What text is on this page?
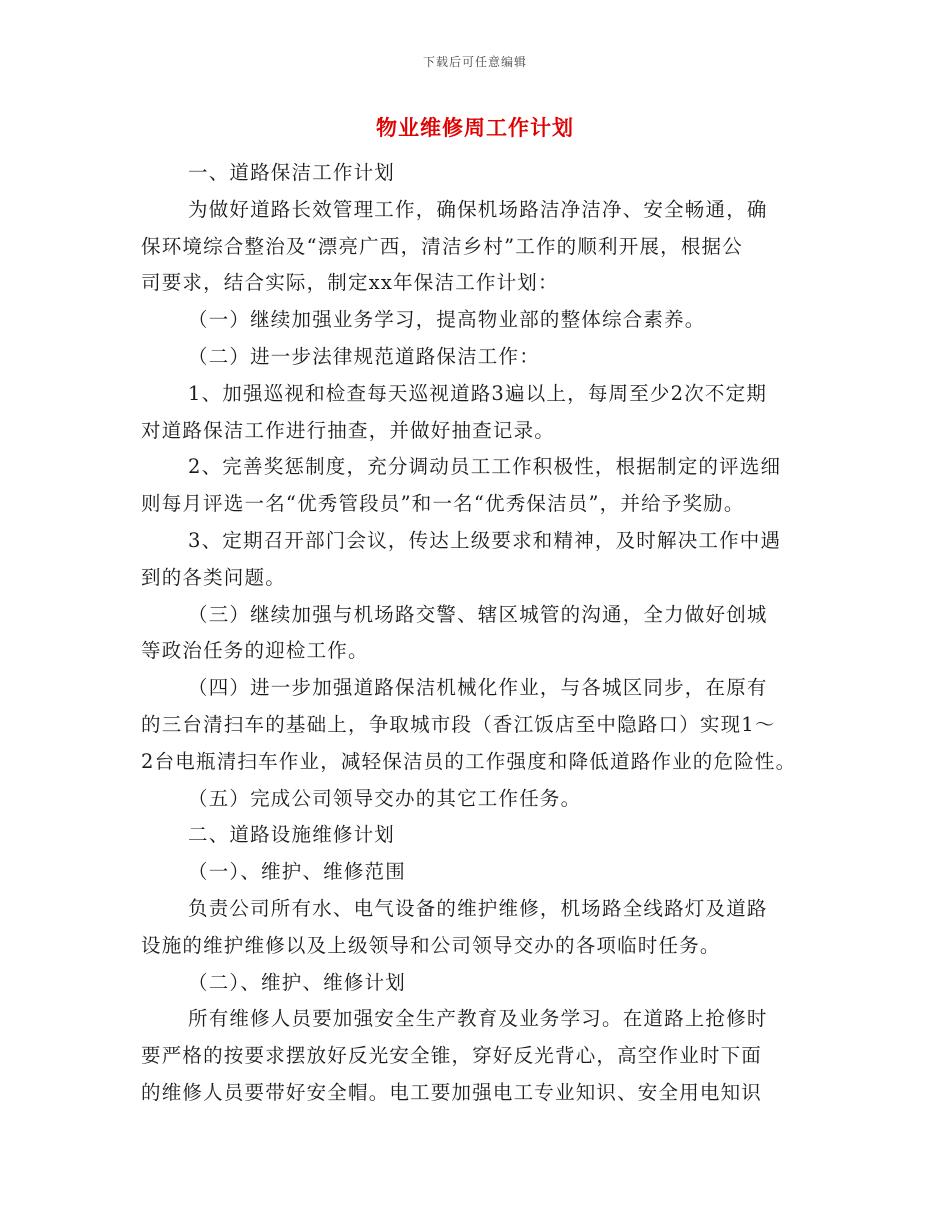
下载后可任意编辑
物业维修周工作计划
一、道路保洁工作计划
为做好道路长效管理工作，确保机场路洁净洁净、安全畅通，确
保环境综合整治及“漂亮广西，清洁乡村”工作的顺利开展，根据公
司要求，结合实际，制定xx年保洁工作计划：
（一）继续加强业务学习，提高物业部的整体综合素养。
（二）进一步法律规范道路保洁工作：
1、加强巡视和检查每天巡视道路3遍以上，每周至少2次不定期
对道路保洁工作进行抽查，并做好抽查记录。
2、完善奖惩制度，充分调动员工工作积极性，根据制定的评选细
则每月评选一名“优秀管段员”和一名“优秀保洁员”，并给予奖励。
3、定期召开部门会议，传达上级要求和精神，及时解决工作中遇
到的各类问题。
（三）继续加强与机场路交警、辖区城管的沟通，全力做好创城
等政治任务的迎检工作。
（四）进一步加强道路保洁机械化作业，与各城区同步，在原有
的三台清扫车的基础上，争取城市段（香江饭店至中隐路口）实现1～
2台电瓶清扫车作业，减轻保洁员的工作强度和降低道路作业的危险性。
（五）完成公司领导交办的其它工作任务。
二、道路设施维修计划
（一）、维护、维修范围
负责公司所有水、电气设备的维护维修，机场路全线路灯及道路
设施的维护维修以及上级领导和公司领导交办的各项临时任务。
（二）、维护、维修计划
所有维修人员要加强安全生产教育及业务学习。在道路上抢修时
要严格的按要求摆放好反光安全锥，穿好反光背心，高空作业时下面
的维修人员要带好安全帽。电工要加强电工专业知识、安全用电知识
